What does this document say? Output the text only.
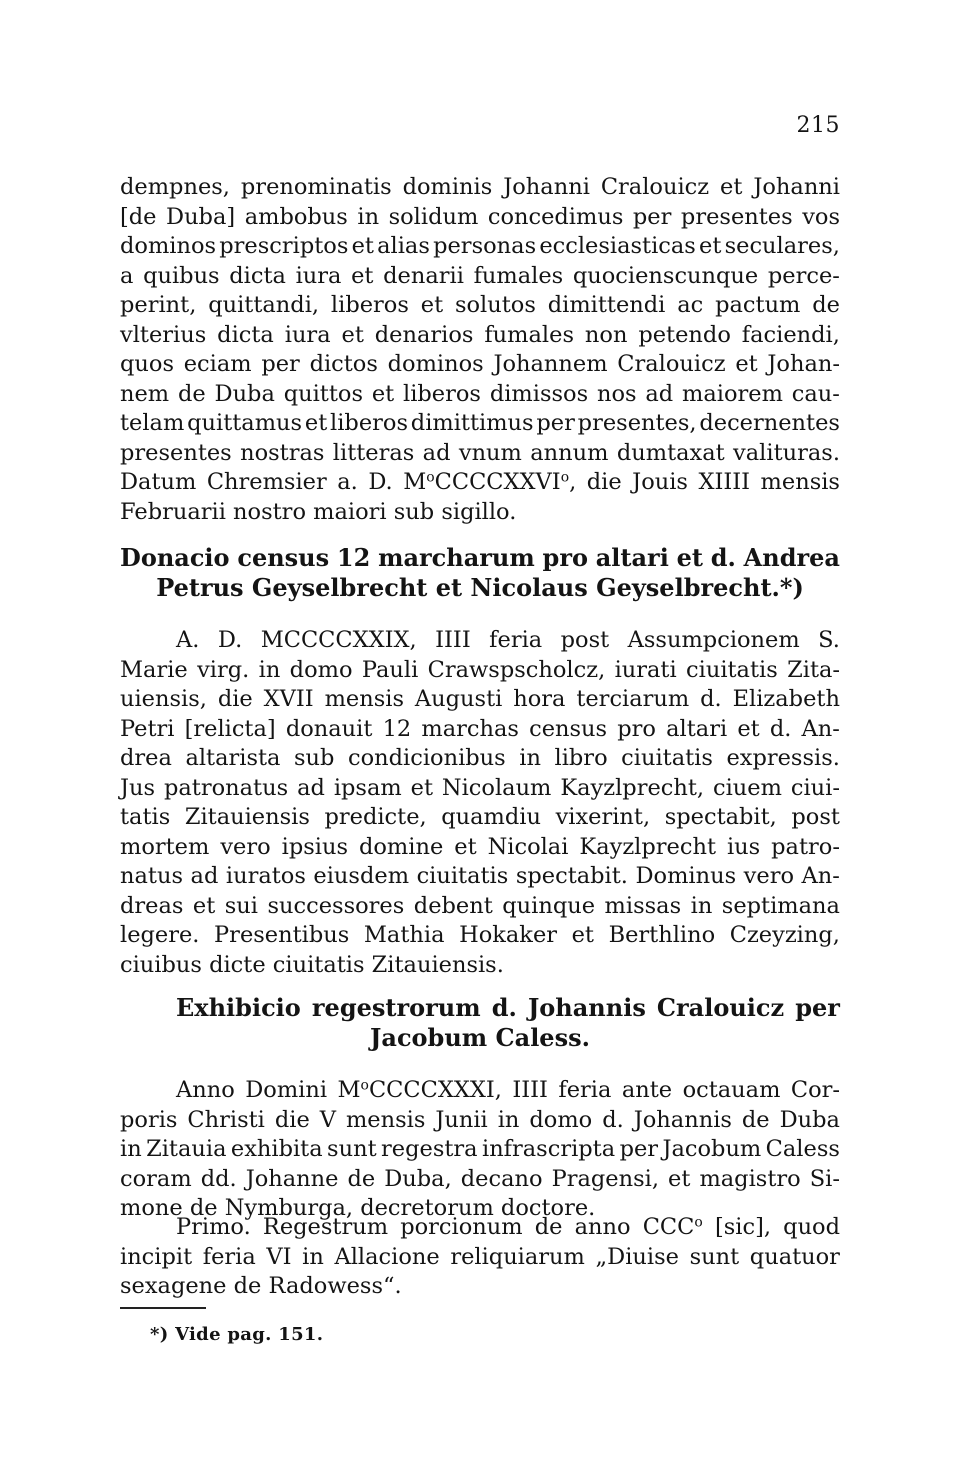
215
dempnes, prenominatis dominis Johanni Cralouicz et Johanni
[de Duba] ambobus in solidum concedimus per presentes vos
dominos prescriptos et alias personas ecclesiasticas et seculares,
a quibus dicta iura et denarii fumales quocienscunque perce-
perint, quittandi, liberos et solutos dimittendi ac pactum de
vlterius dicta iura et denarios fumales non petendo faciendi,
quos eciam per dictos dominos Johannem Cralouicz et Johan-
nem de Duba quittos et liberos dimissos nos ad maiorem cau-
telam quittamus et liberos dimittimus per presentes, decernentes
presentes nostras litteras ad vnum annum dumtaxat valituras.
Datum Chremsier a. D. $M^oCCCCXXVI^o$, die Jouis XIIII mensis
Februarii nostro maiori sub sigillo.
Donacio census 12 marcharum pro altari et d. Andrea
Petrus Geyselbrecht et Nicolaus Geyselbrecht.*)
A. D. MCCCCXXIX, IIII feria post Assumpcionem S.
Marie virg. in domo Pauli Crawspscholcz, iurati ciuitatis Zita-
uiensis, die XVII mensis Augusti hora terciarum d. Elizabeth
Petri [relicta] donauit 12 marchas census pro altari et d. An-
drea altarista sub condicionibus in libro ciuitatis expressis.
Jus patronatus ad ipsam et Nicolaum Kayzlprecht, ciuem ciui-
tatis Zitauiensis predicte, quamdiu vixerint, spectabit, post
mortem vero ipsius domine et Nicolai Kayzlprecht ius patro-
natus ad iuratos eiusdem ciuitatis spectabit. Dominus vero An-
dreas et sui successores debent quinque missas in septimana
legere. Presentibus Mathia Hokaker et Berthlino Czeyzing,
ciuibus dicte ciuitatis Zitauiensis.
Exhibicio regestrorum d. Johannis Cralouicz per
Jacobum Caless.
Anno Domini $M^oCCCCXXXI$, IIII feria ante octauam Cor-
poris Christi die V mensis Junii in domo d. Johannis de Duba
in Zitauia exhibita sunt regestra infrascripta per Jacobum Caless
coram dd. Johanne de Duba, decano Pragensi, et magistro Si-
mone de Nymburga, decretorum doctore.
Primo. Regestrum porcionum de anno CCC$^o$ [sic], quod
incipit feria VI in Allacione reliquiarum „Diuise sunt quatuor
sexagene de Radowess“.
*) Vide pag. 151.
